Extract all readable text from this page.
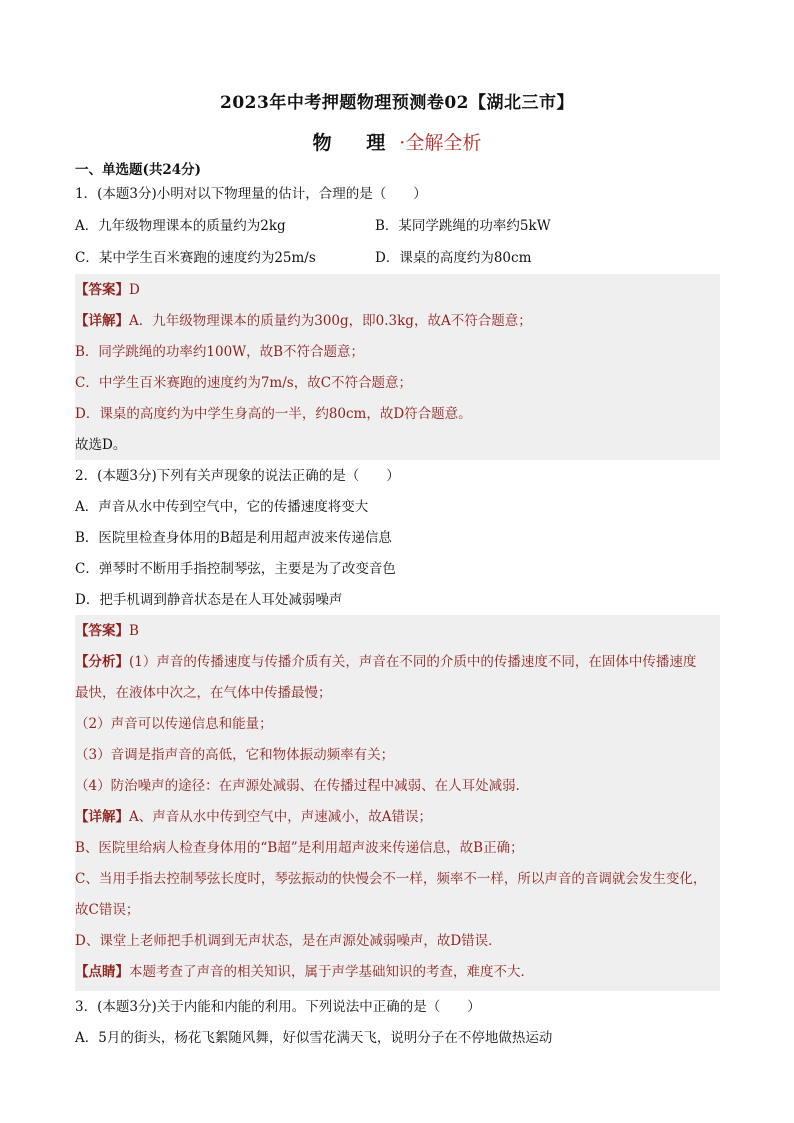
2023年中考押题物理预测卷02【湖北三市】
物 理·全解全析
一、单选题(共24分)
1．(本题3分)小明对以下物理量的估计，合理的是（　　）
A．九年级物理课本的质量约为2kg	B．某同学跳绳的功率约5kW
C．某中学生百米赛跑的速度约为25m/s	D．课桌的高度约为80cm
【答案】D
【详解】A．九年级物理课本的质量约为300g，即0.3kg，故A不符合题意；
B．同学跳绳的功率约100W，故B不符合题意；
C．中学生百米赛跑的速度约为7m/s，故C不符合题意；
D．课桌的高度约为中学生身高的一半，约80cm，故D符合题意。
故选D。
2．(本题3分)下列有关声现象的说法正确的是（　　）
A．声音从水中传到空气中，它的传播速度将变大
B．医院里检查身体用的B超是利用超声波来传递信息
C．弹琴时不断用手指控制琴弦，主要是为了改变音色
D．把手机调到静音状态是在人耳处减弱噪声
【答案】B
【分析】(1）声音的传播速度与传播介质有关，声音在不同的介质中的传播速度不同，在固体中传播速度
最快，在液体中次之，在气体中传播最慢；
（2）声音可以传递信息和能量；
（3）音调是指声音的高低，它和物体振动频率有关；
（4）防治噪声的途径：在声源处减弱、在传播过程中减弱、在人耳处减弱．
【详解】A、声音从水中传到空气中，声速减小，故A错误；
B、医院里给病人检查身体用的“B超”是利用超声波来传递信息，故B正确；
C、当用手指去控制琴弦长度时，琴弦振动的快慢会不一样，频率不一样，所以声音的音调就会发生变化，
故C错误；
D、课堂上老师把手机调到无声状态，是在声源处减弱噪声，故D错误．
【点睛】本题考查了声音的相关知识，属于声学基础知识的考查，难度不大．
3．(本题3分)关于内能和内能的利用。下列说法中正确的是（　　）
A．5月的街头，杨花飞絮随风舞，好似雪花满天飞，说明分子在不停地做热运动
